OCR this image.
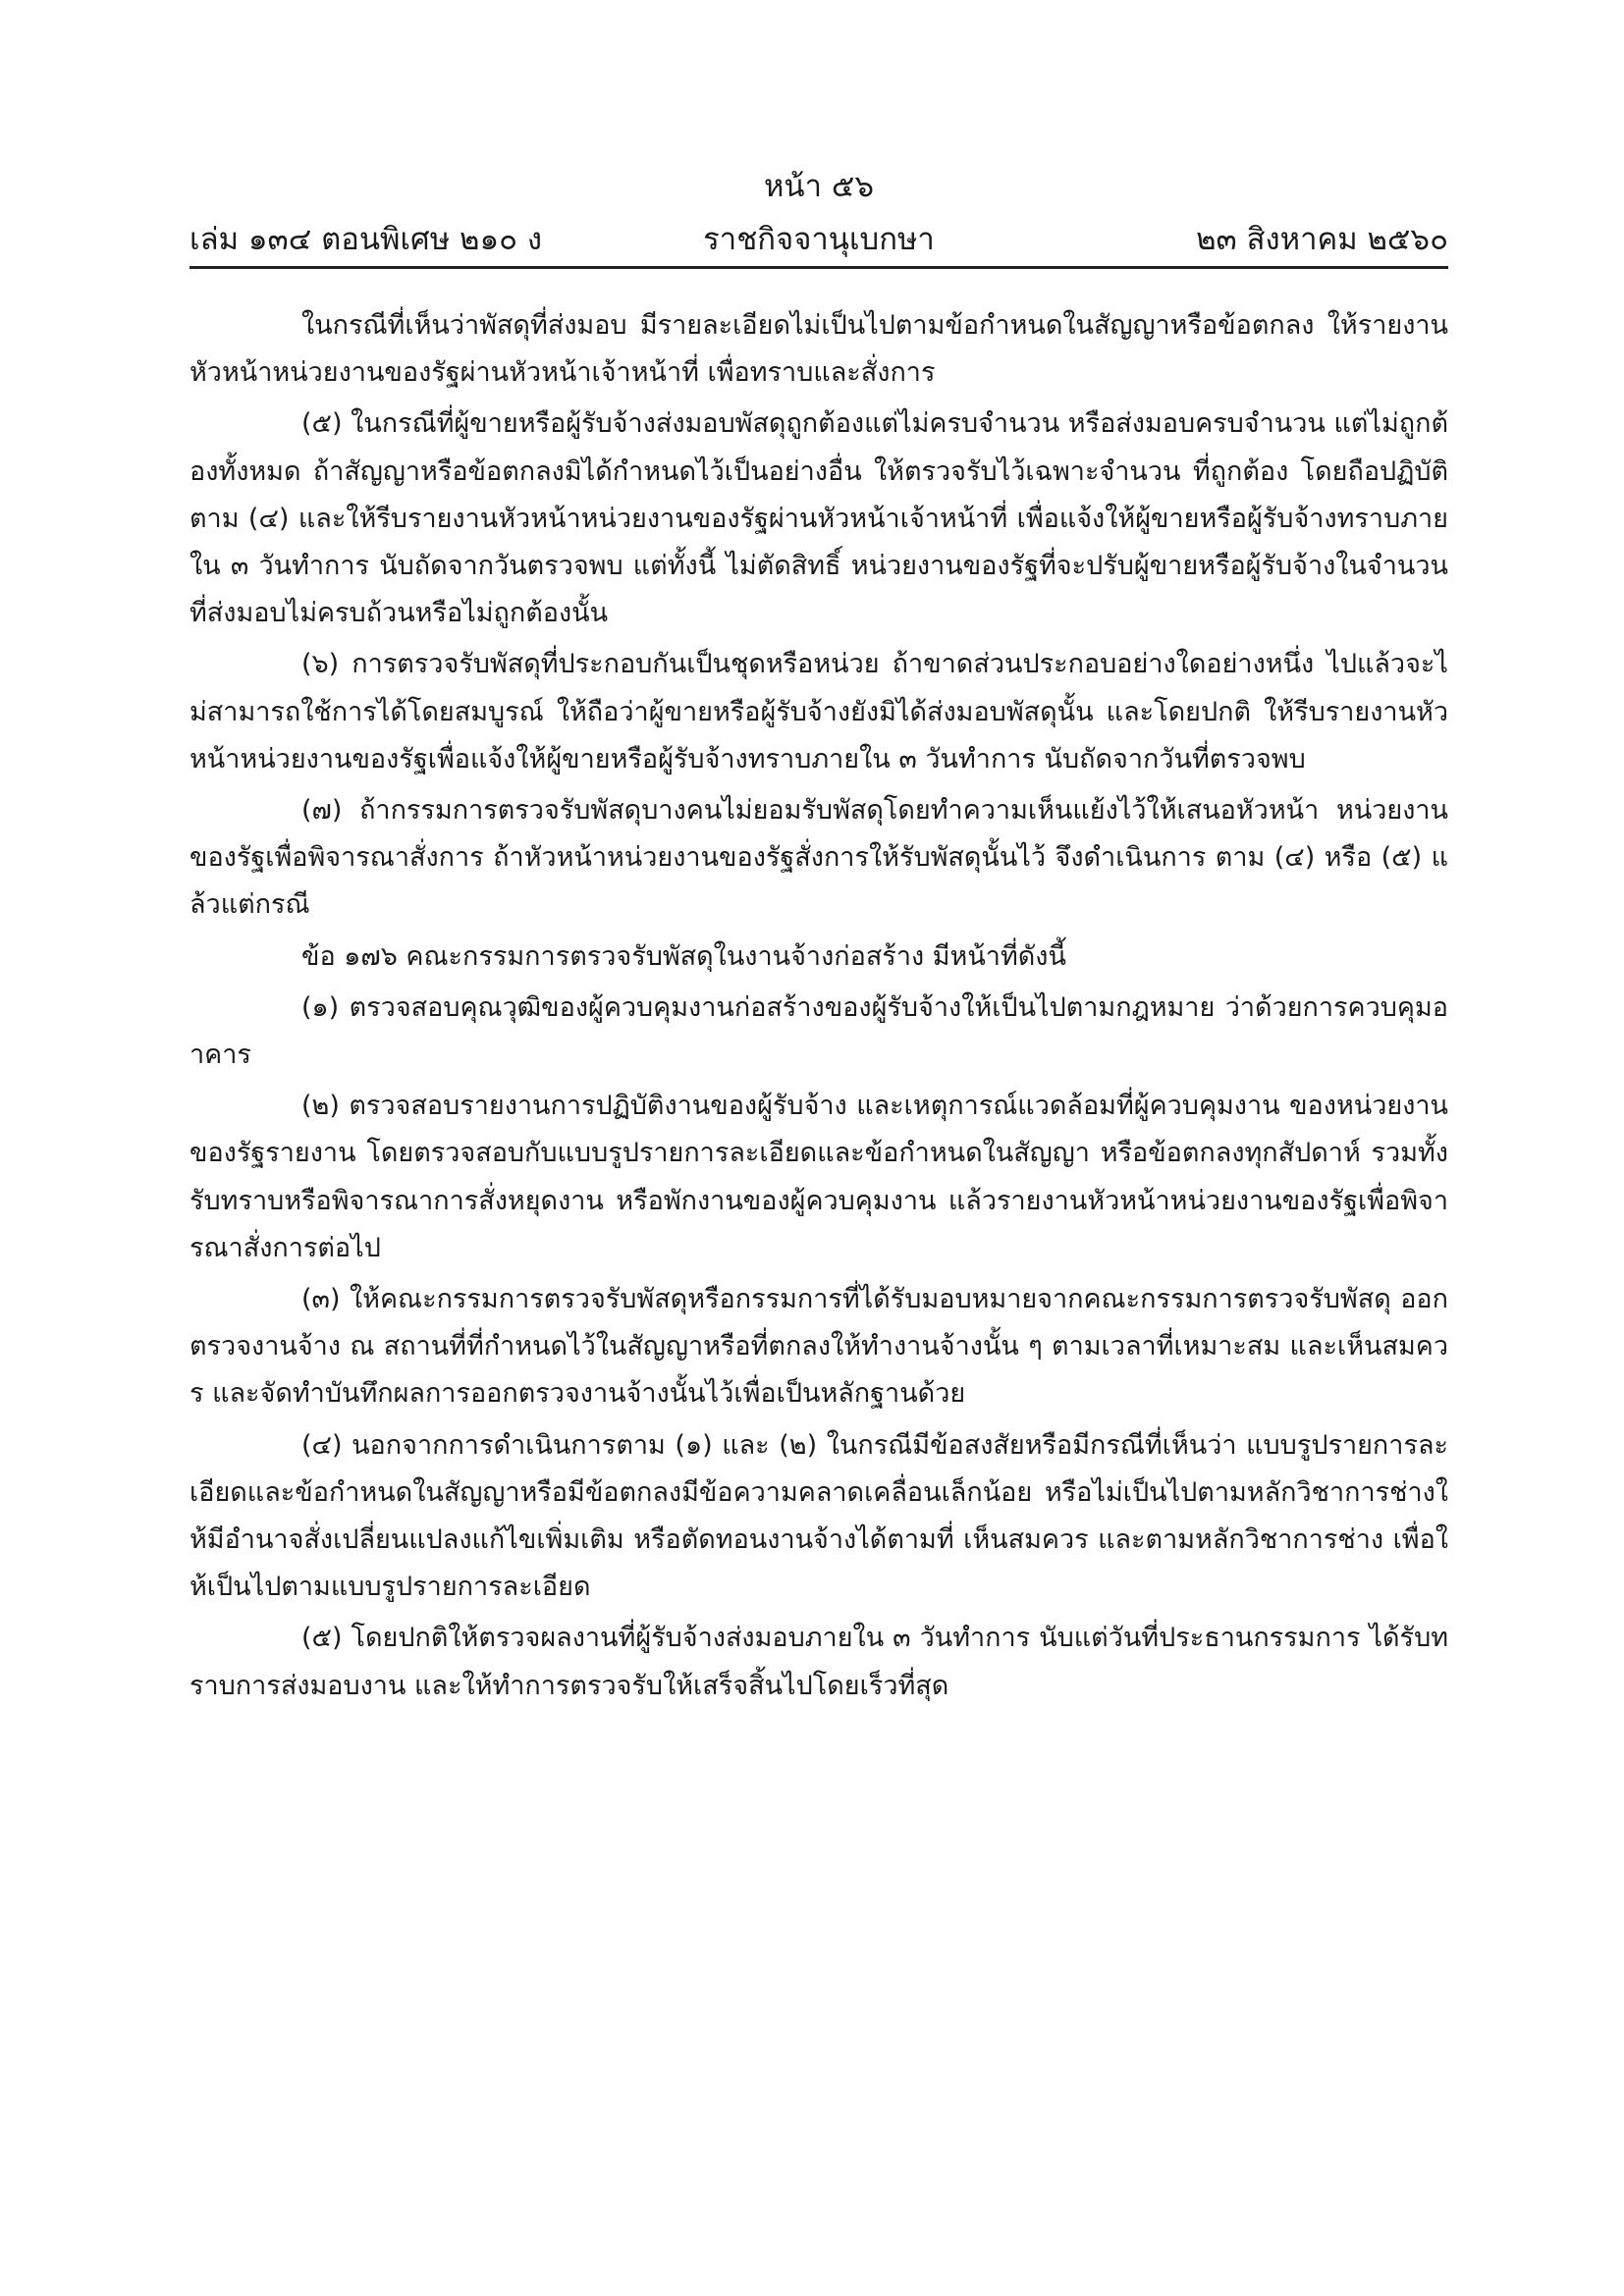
หน้า ๕๖
เล่ม ๑๓๔ ตอนพิเศษ ๒๑๐ ง	ราชกิจจานุเบกษา	๒๓ สิงหาคม ๒๕๖๐

ในกรณีที่เห็นว่าพัสดุที่ส่งมอบ มีรายละเอียดไม่เป็นไปตามข้อกำหนดในสัญญาหรือข้อตกลง ให้รายงานหัวหน้าหน่วยงานของรัฐผ่านหัวหน้าเจ้าหน้าที่ เพื่อทราบและสั่งการ

(๕) ในกรณีที่ผู้ขายหรือผู้รับจ้างส่งมอบพัสดุถูกต้องแต่ไม่ครบจำนวน หรือส่งมอบครบจำนวน แต่ไม่ถูกต้องทั้งหมด ถ้าสัญญาหรือข้อตกลงมิได้กำหนดไว้เป็นอย่างอื่น ให้ตรวจรับไว้เฉพาะจำนวน ที่ถูกต้อง โดยถือปฏิบัติตาม (๔) และให้รีบรายงานหัวหน้าหน่วยงานของรัฐผ่านหัวหน้าเจ้าหน้าที่ เพื่อแจ้งให้ผู้ขายหรือผู้รับจ้างทราบภายใน ๓ วันทำการ นับถัดจากวันตรวจพบ แต่ทั้งนี้ ไม่ตัดสิทธิ์ หน่วยงานของรัฐที่จะปรับผู้ขายหรือผู้รับจ้างในจำนวนที่ส่งมอบไม่ครบถ้วนหรือไม่ถูกต้องนั้น

(๖) การตรวจรับพัสดุที่ประกอบกันเป็นชุดหรือหน่วย ถ้าขาดส่วนประกอบอย่างใดอย่างหนึ่ง ไปแล้วจะไม่สามารถใช้การได้โดยสมบูรณ์ ให้ถือว่าผู้ขายหรือผู้รับจ้างยังมิได้ส่งมอบพัสดุนั้น และโดยปกติ ให้รีบรายงานหัวหน้าหน่วยงานของรัฐเพื่อแจ้งให้ผู้ขายหรือผู้รับจ้างทราบภายใน ๓ วันทำการ นับถัดจากวันที่ตรวจพบ

(๗) ถ้ากรรมการตรวจรับพัสดุบางคนไม่ยอมรับพัสดุโดยทำความเห็นแย้งไว้ให้เสนอหัวหน้า หน่วยงานของรัฐเพื่อพิจารณาสั่งการ ถ้าหัวหน้าหน่วยงานของรัฐสั่งการให้รับพัสดุนั้นไว้ จึงดำเนินการ ตาม (๔) หรือ (๕) แล้วแต่กรณี

ข้อ ๑๗๖ คณะกรรมการตรวจรับพัสดุในงานจ้างก่อสร้าง มีหน้าที่ดังนี้

(๑) ตรวจสอบคุณวุฒิของผู้ควบคุมงานก่อสร้างของผู้รับจ้างให้เป็นไปตามกฎหมาย ว่าด้วยการควบคุมอาคาร

(๒) ตรวจสอบรายงานการปฏิบัติงานของผู้รับจ้าง และเหตุการณ์แวดล้อมที่ผู้ควบคุมงาน ของหน่วยงานของรัฐรายงาน โดยตรวจสอบกับแบบรูปรายการละเอียดและข้อกำหนดในสัญญา หรือข้อตกลงทุกสัปดาห์ รวมทั้งรับทราบหรือพิจารณาการสั่งหยุดงาน หรือพักงานของผู้ควบคุมงาน แล้วรายงานหัวหน้าหน่วยงานของรัฐเพื่อพิจารณาสั่งการต่อไป

(๓) ให้คณะกรรมการตรวจรับพัสดุหรือกรรมการที่ได้รับมอบหมายจากคณะกรรมการตรวจรับพัสดุ ออกตรวจงานจ้าง ณ สถานที่ที่กำหนดไว้ในสัญญาหรือที่ตกลงให้ทำงานจ้างนั้น ๆ ตามเวลาที่เหมาะสม และเห็นสมควร และจัดทำบันทึกผลการออกตรวจงานจ้างนั้นไว้เพื่อเป็นหลักฐานด้วย

(๔) นอกจากการดำเนินการตาม (๑) และ (๒) ในกรณีมีข้อสงสัยหรือมีกรณีที่เห็นว่า แบบรูปรายการละเอียดและข้อกำหนดในสัญญาหรือมีข้อตกลงมีข้อความคลาดเคลื่อนเล็กน้อย หรือไม่เป็นไปตามหลักวิชาการช่างให้มีอำนาจสั่งเปลี่ยนแปลงแก้ไขเพิ่มเติม หรือตัดทอนงานจ้างได้ตามที่ เห็นสมควร และตามหลักวิชาการช่าง เพื่อให้เป็นไปตามแบบรูปรายการละเอียด

(๕) โดยปกติให้ตรวจผลงานที่ผู้รับจ้างส่งมอบภายใน ๓ วันทำการ นับแต่วันที่ประธานกรรมการ ได้รับทราบการส่งมอบงาน และให้ทำการตรวจรับให้เสร็จสิ้นไปโดยเร็วที่สุด
